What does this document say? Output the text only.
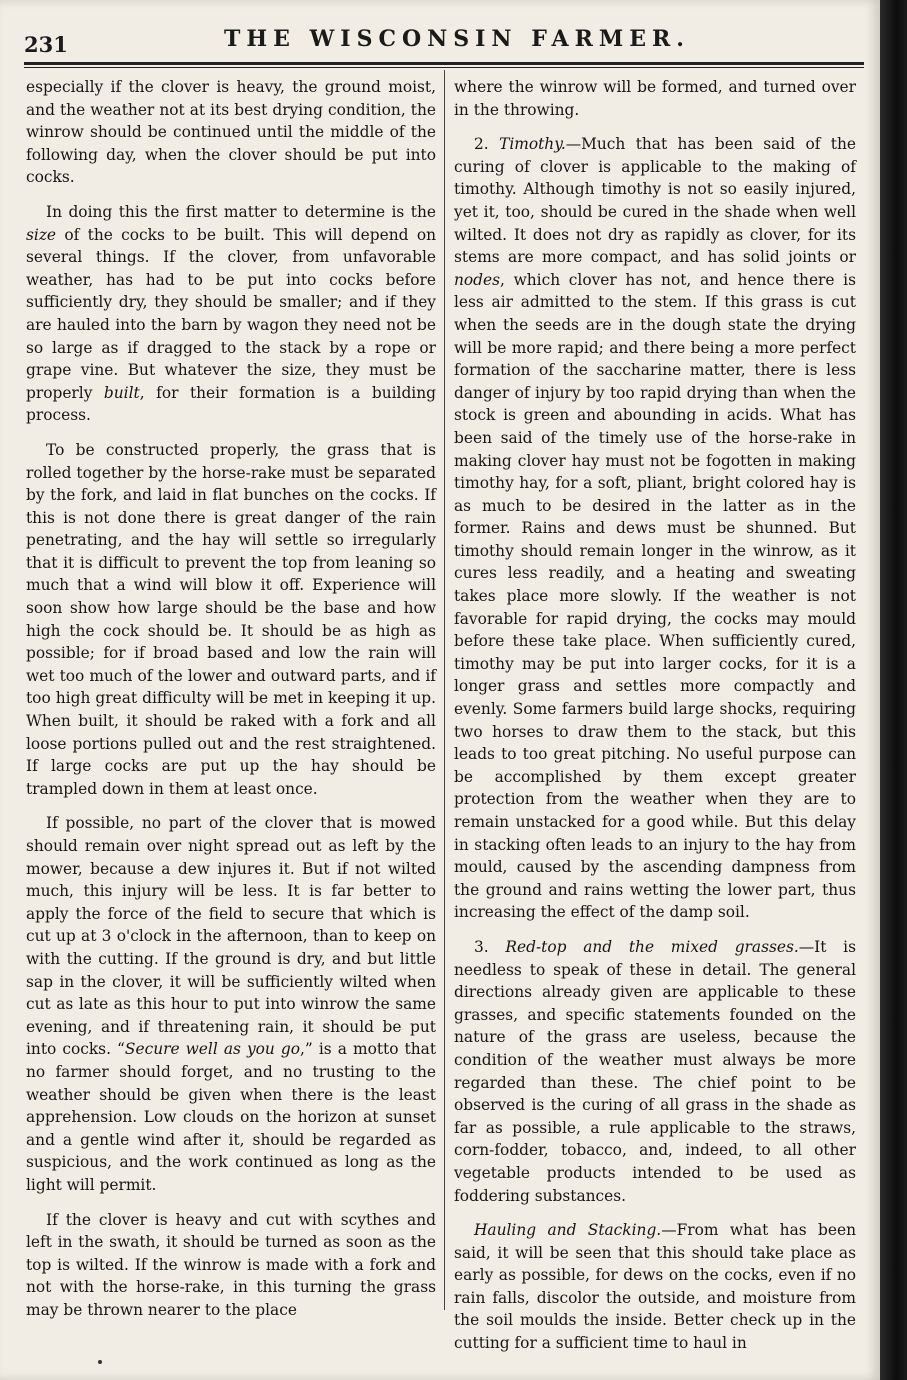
231	THE WISCONSIN FARMER.

especially if the clover is heavy, the ground moist, and the weather not at its best drying condition, the winrow should be continued until the middle of the following day, when the clover should be put into cocks.

In doing this the first matter to determine is the size of the cocks to be built. This will depend on several things. If the clover, from unfavorable weather, has had to be put into cocks before sufficiently dry, they should be smaller; and if they are hauled into the barn by wagon they need not be so large as if dragged to the stack by a rope or grape vine. But whatever the size, they must be properly built, for their formation is a building process.

To be constructed properly, the grass that is rolled together by the horse-rake must be separated by the fork, and laid in flat bunches on the cocks. If this is not done there is great danger of the rain penetrating, and the hay will settle so irregularly that it is difficult to prevent the top from leaning so much that a wind will blow it off. Experience will soon show how large should be the base and how high the cock should be. It should be as high as possible; for if broad based and low the rain will wet too much of the lower and outward parts, and if too high great difficulty will be met in keeping it up. When built, it should be raked with a fork and all loose portions pulled out and the rest straightened. If large cocks are put up the hay should be trampled down in them at least once.

If possible, no part of the clover that is mowed should remain over night spread out as left by the mower, because a dew injures it. But if not wilted much, this injury will be less. It is far better to apply the force of the field to secure that which is cut up at 3 o'clock in the afternoon, than to keep on with the cutting. If the ground is dry, and but little sap in the clover, it will be sufficiently wilted when cut as late as this hour to put into winrow the same evening, and if threatening rain, it should be put into cocks. “Secure well as you go,” is a motto that no farmer should forget, and no trusting to the weather should be given when there is the least apprehension. Low clouds on the horizon at sunset and a gentle wind after it, should be regarded as suspicious, and the work continued as long as the light will permit.

If the clover is heavy and cut with scythes and left in the swath, it should be turned as soon as the top is wilted. If the winrow is made with a fork and not with the horse-rake, in this turning the grass may be thrown nearer to the place

where the winrow will be formed, and turned over in the throwing.

2. Timothy.—Much that has been said of the curing of clover is applicable to the making of timothy. Although timothy is not so easily injured, yet it, too, should be cured in the shade when well wilted. It does not dry as rapidly as clover, for its stems are more compact, and has solid joints or nodes, which clover has not, and hence there is less air admitted to the stem. If this grass is cut when the seeds are in the dough state the drying will be more rapid; and there being a more perfect formation of the saccharine matter, there is less danger of injury by too rapid drying than when the stock is green and abounding in acids. What has been said of the timely use of the horse-rake in making clover hay must not be fogotten in making timothy hay, for a soft, pliant, bright colored hay is as much to be desired in the latter as in the former. Rains and dews must be shunned. But timothy should remain longer in the winrow, as it cures less readily, and a heating and sweating takes place more slowly. If the weather is not favorable for rapid drying, the cocks may mould before these take place. When sufficiently cured, timothy may be put into larger cocks, for it is a longer grass and settles more compactly and evenly. Some farmers build large shocks, requiring two horses to draw them to the stack, but this leads to too great pitching. No useful purpose can be accomplished by them except greater protection from the weather when they are to remain unstacked for a good while. But this delay in stacking often leads to an injury to the hay from mould, caused by the ascending dampness from the ground and rains wetting the lower part, thus increasing the effect of the damp soil.

3. Red-top and the mixed grasses.—It is needless to speak of these in detail. The general directions already given are applicable to these grasses, and specific statements founded on the nature of the grass are useless, because the condition of the weather must always be more regarded than these. The chief point to be observed is the curing of all grass in the shade as far as possible, a rule applicable to the straws, corn-fodder, tobacco, and, indeed, to all other vegetable products intended to be used as foddering substances.

Hauling and Stacking.—From what has been said, it will be seen that this should take place as early as possible, for dews on the cocks, even if no rain falls, discolor the outside, and moisture from the soil moulds the inside. Better check up in the cutting for a sufficient time to haul in
